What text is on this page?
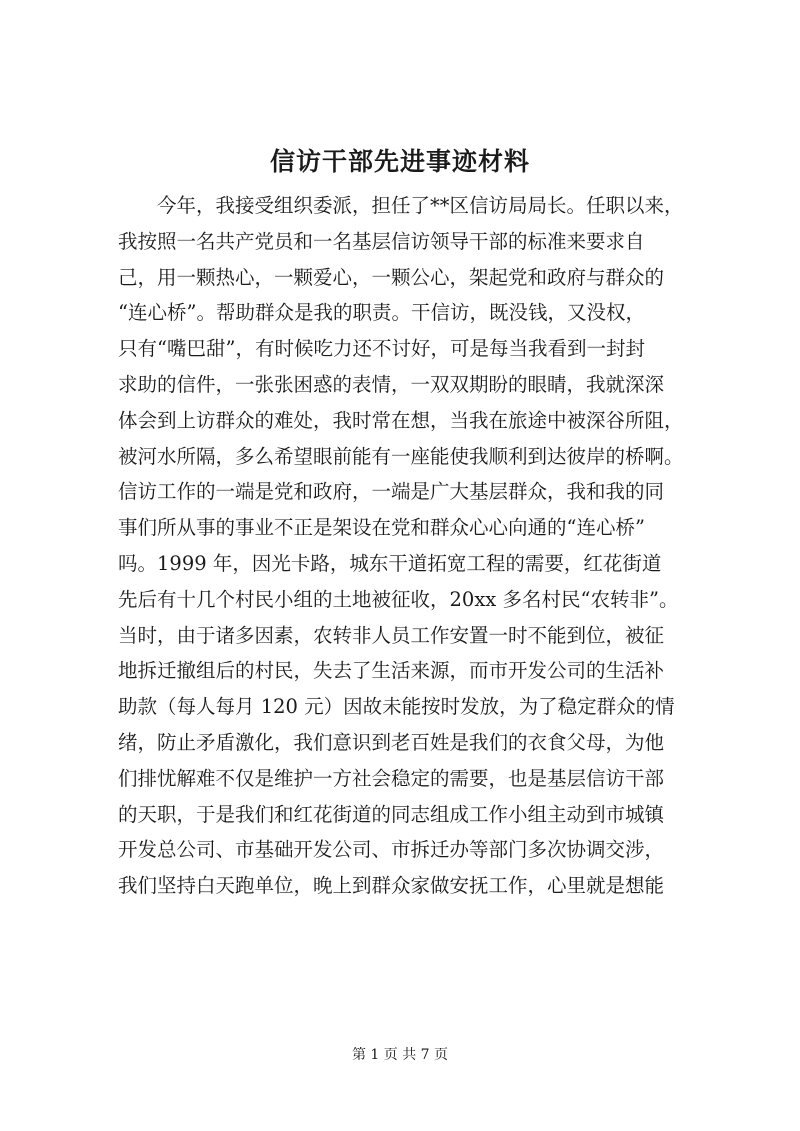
信访干部先进事迹材料
今年，我接受组织委派，担任了**区信访局局长。任职以来，
我按照一名共产党员和一名基层信访领导干部的标准来要求自
己，用一颗热心，一颗爱心，一颗公心，架起党和政府与群众的
“连心桥”。帮助群众是我的职责。干信访，既没钱，又没权，
只有“嘴巴甜”，有时候吃力还不讨好，可是每当我看到一封封
求助的信件，一张张困惑的表情，一双双期盼的眼睛，我就深深
体会到上访群众的难处，我时常在想，当我在旅途中被深谷所阻，
被河水所隔，多么希望眼前能有一座能使我顺利到达彼岸的桥啊。
信访工作的一端是党和政府，一端是广大基层群众，我和我的同
事们所从事的事业不正是架设在党和群众心心向通的“连心桥”
吗。1999 年，因光卡路，城东干道拓宽工程的需要，红花街道
先后有十几个村民小组的土地被征收，20xx 多名村民“农转非”。
当时，由于诸多因素，农转非人员工作安置一时不能到位，被征
地拆迁撤组后的村民，失去了生活来源，而市开发公司的生活补
助款（每人每月 120 元）因故未能按时发放，为了稳定群众的情
绪，防止矛盾激化，我们意识到老百姓是我们的衣食父母，为他
们排忧解难不仅是维护一方社会稳定的需要，也是基层信访干部
的天职，于是我们和红花街道的同志组成工作小组主动到市城镇
开发总公司、市基础开发公司、市拆迁办等部门多次协调交涉，
我们坚持白天跑单位，晚上到群众家做安抚工作，心里就是想能
第 1 页 共 7 页
